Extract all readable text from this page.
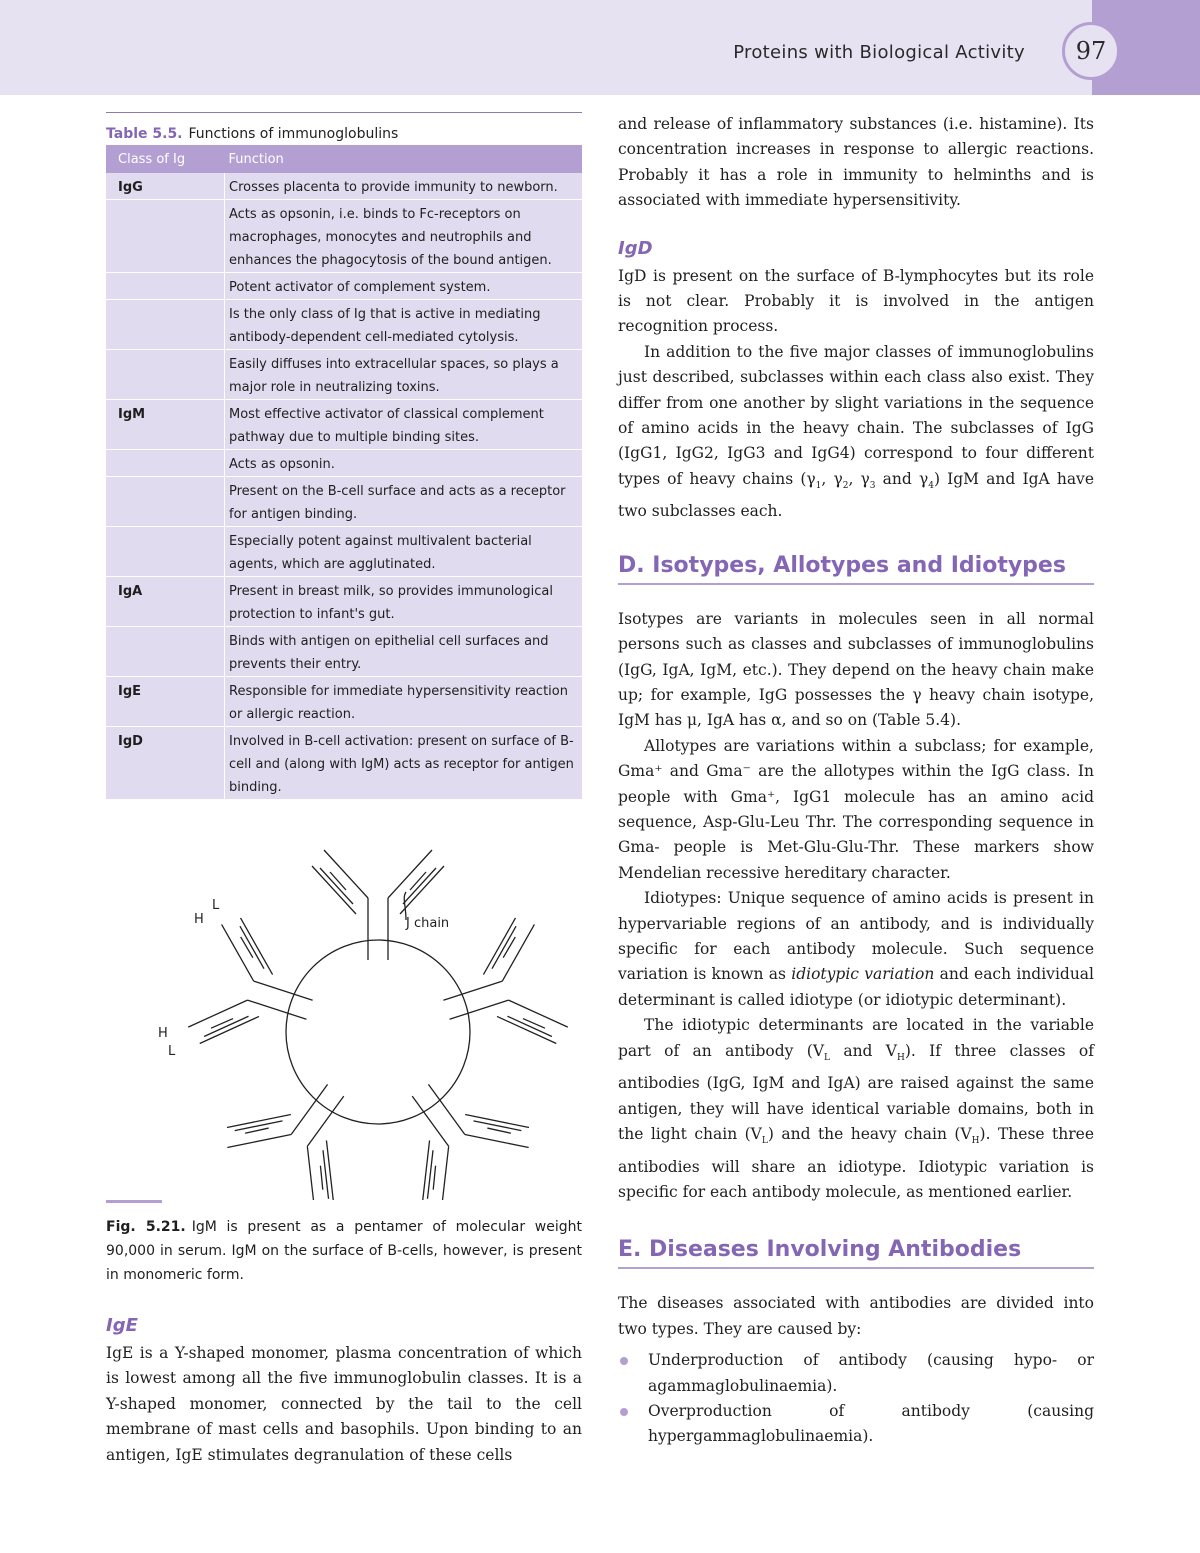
Proteins with Biological Activity	97
Table 5.5. Functions of immunoglobulins
Class of Ig	Function
IgG	Crosses placenta to provide immunity to newborn.
	Acts as opsonin, i.e. binds to Fc-receptors on macrophages, monocytes and neutrophils and enhances the phagocytosis of the bound antigen.
	Potent activator of complement system.
	Is the only class of Ig that is active in mediating antibody-dependent cell-mediated cytolysis.
	Easily diffuses into extracellular spaces, so plays a major role in neutralizing toxins.
IgM	Most effective activator of classical complement pathway due to multiple binding sites.
	Acts as opsonin.
	Present on the B-cell surface and acts as a receptor for antigen binding.
	Especially potent against multivalent bacterial agents, which are agglutinated.
IgA	Present in breast milk, so provides immunological protection to infant's gut.
	Binds with antigen on epithelial cell surfaces and prevents their entry.
IgE	Responsible for immediate hypersensitivity reaction or allergic reaction.
IgD	Involved in B-cell activation: present on surface of B-cell and (along with IgM) acts as receptor for antigen binding.
H
L
H
L
J chain
Fig. 5.21. IgM is present as a pentamer of molecular weight 90,000 in serum. IgM on the surface of B-cells, however, is present in monomeric form.
IgE

IgE is a Y-shaped monomer, plasma concentration of which is lowest among all the five immunoglobulin classes. It is a Y-shaped monomer, connected by the tail to the cell membrane of mast cells and basophils. Upon binding to an antigen, IgE stimulates degranulation of these cells

and release of inflammatory substances (i.e. histamine). Its concentration increases in response to allergic reactions. Probably it has a role in immunity to helminths and is associated with immediate hypersensitivity.

IgD

IgD is present on the surface of B-lymphocytes but its role is not clear. Probably it is involved in the antigen recognition process.

In addition to the five major classes of immunoglobulins just described, subclasses within each class also exist. They differ from one another by slight variations in the sequence of amino acids in the heavy chain. The subclasses of IgG (IgG1, IgG2, IgG3 and IgG4) correspond to four different types of heavy chains ($\gamma_1$, $\gamma_2$, $\gamma_3$ and $\gamma_4$) IgM and IgA have two subclasses each.

D. Isotypes, Allotypes and Idiotypes

Isotypes are variants in molecules seen in all normal persons such as classes and subclasses of immunoglobulins (IgG, IgA, IgM, etc.). They depend on the heavy chain make up; for example, IgG possesses the γ heavy chain isotype, IgM has μ, IgA has α, and so on (Table 5.4).

Allotypes are variations within a subclass; for example, Gma⁺ and Gma⁻ are the allotypes within the IgG class. In people with Gma⁺, IgG1 molecule has an amino acid sequence, Asp-Glu-Leu Thr. The corresponding sequence in Gma- people is Met-Glu-Glu-Thr. These markers show Mendelian recessive hereditary character.

Idiotypes: Unique sequence of amino acids is present in hypervariable regions of an antibody, and is individually specific for each antibody molecule. Such sequence variation is known as idiotypic variation and each individual determinant is called idiotype (or idiotypic determinant).

The idiotypic determinants are located in the variable part of an antibody ($V_L$ and $V_H$). If three classes of antibodies (IgG, IgM and IgA) are raised against the same antigen, they will have identical variable domains, both in the light chain $(V_L)$ and the heavy chain $(V_H)$. These three antibodies will share an idiotype. Idiotypic variation is specific for each antibody molecule, as mentioned earlier.

E. Diseases Involving Antibodies

The diseases associated with antibodies are divided into two types. They are caused by:

Underproduction of antibody (causing hypo- or agammaglobulinaemia).
Overproduction of antibody (causing hypergammaglobulinaemia).
